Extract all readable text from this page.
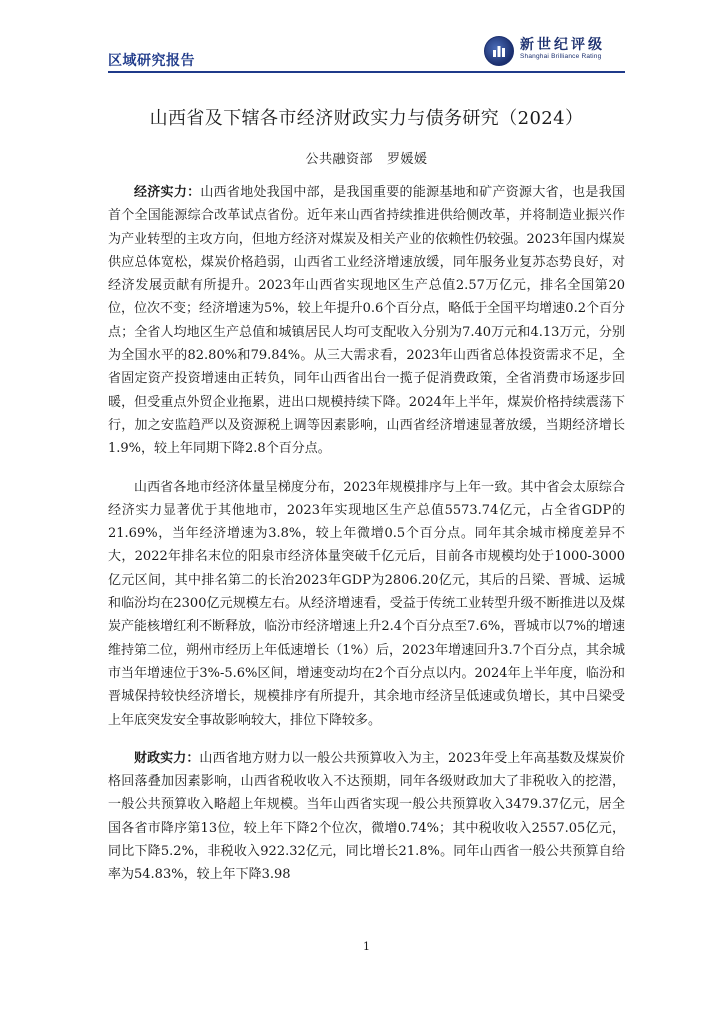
区域研究报告
新世纪评级
Shanghai Brilliance Rating
山西省及下辖各市经济财政实力与债务研究（2024）
公共融资部 罗媛媛

经济实力：山西省地处我国中部，是我国重要的能源基地和矿产资源大省，也是我国首个全国能源综合改革试点省份。近年来山西省持续推进供给侧改革，并将制造业振兴作为产业转型的主攻方向，但地方经济对煤炭及相关产业的依赖性仍较强。2023年国内煤炭供应总体宽松，煤炭价格趋弱，山西省工业经济增速放缓，同年服务业复苏态势良好，对经济发展贡献有所提升。2023年山西省实现地区生产总值2.57万亿元，排名全国第20位，位次不变；经济增速为5%，较上年提升0.6个百分点，略低于全国平均增速0.2个百分点；全省人均地区生产总值和城镇居民人均可支配收入分别为7.40万元和4.13万元，分别为全国水平的82.80%和79.84%。从三大需求看，2023年山西省总体投资需求不足，全省固定资产投资增速由正转负，同年山西省出台一揽子促消费政策，全省消费市场逐步回暖，但受重点外贸企业拖累，进出口规模持续下降。2024年上半年，煤炭价格持续震荡下行，加之安监趋严以及资源税上调等因素影响，山西省经济增速显著放缓，当期经济增长1.9%，较上年同期下降2.8个百分点。

山西省各地市经济体量呈梯度分布，2023年规模排序与上年一致。其中省会太原综合经济实力显著优于其他地市，2023年实现地区生产总值5573.74亿元，占全省GDP的21.69%，当年经济增速为3.8%，较上年微增0.5个百分点。同年其余城市梯度差异不大，2022年排名末位的阳泉市经济体量突破千亿元后，目前各市规模均处于1000-3000亿元区间，其中排名第二的长治2023年GDP为2806.20亿元，其后的吕梁、晋城、运城和临汾均在2300亿元规模左右。从经济增速看，受益于传统工业转型升级不断推进以及煤炭产能核增红利不断释放，临汾市经济增速上升2.4个百分点至7.6%，晋城市以7%的增速维持第二位，朔州市经历上年低速增长（1%）后，2023年增速回升3.7个百分点，其余城市当年增速位于3%-5.6%区间，增速变动均在2个百分点以内。2024年上半年度，临汾和晋城保持较快经济增长，规模排序有所提升，其余地市经济呈低速或负增长，其中吕梁受上年底突发安全事故影响较大，排位下降较多。

财政实力：山西省地方财力以一般公共预算收入为主，2023年受上年高基数及煤炭价格回落叠加因素影响，山西省税收收入不达预期，同年各级财政加大了非税收入的挖潜，一般公共预算收入略超上年规模。当年山西省实现一般公共预算收入3479.37亿元，居全国各省市降序第13位，较上年下降2个位次，微增0.74%；其中税收收入2557.05亿元，同比下降5.2%，非税收入922.32亿元，同比增长21.8%。同年山西省一般公共预算自给率为54.83%，较上年下降3.98

1
